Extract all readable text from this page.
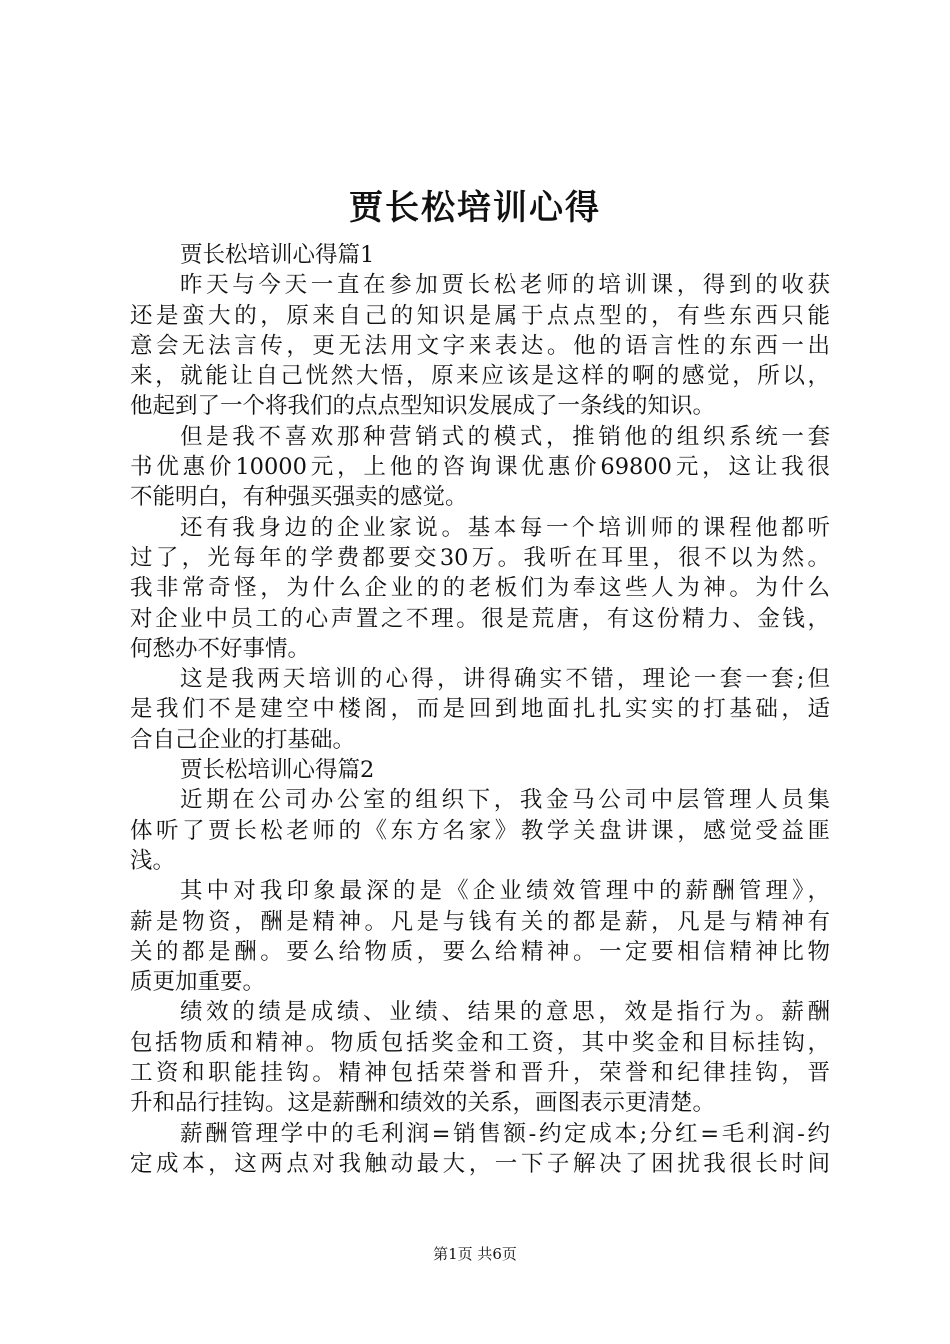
贾长松培训心得
贾长松培训心得篇1
昨天与今天一直在参加贾长松老师的培训课，得到的收获
还是蛮大的，原来自己的知识是属于点点型的，有些东西只能
意会无法言传，更无法用文字来表达。他的语言性的东西一出
来，就能让自己恍然大悟，原来应该是这样的啊的感觉，所以，
他起到了一个将我们的点点型知识发展成了一条线的知识。
但是我不喜欢那种营销式的模式，推销他的组织系统一套
书优惠价10000元，上他的咨询课优惠价69800元，这让我很
不能明白，有种强买强卖的感觉。
还有我身边的企业家说。基本每一个培训师的课程他都听
过了，光每年的学费都要交30万。我听在耳里，很不以为然。
我非常奇怪，为什么企业的的老板们为奉这些人为神。为什么
对企业中员工的心声置之不理。很是荒唐，有这份精力、金钱，
何愁办不好事情。
这是我两天培训的心得，讲得确实不错，理论一套一套;但
是我们不是建空中楼阁，而是回到地面扎扎实实的打基础，适
合自己企业的打基础。
贾长松培训心得篇2
近期在公司办公室的组织下，我金马公司中层管理人员集
体听了贾长松老师的《东方名家》教学关盘讲课，感觉受益匪
浅。
其中对我印象最深的是《企业绩效管理中的薪酬管理》，
薪是物资，酬是精神。凡是与钱有关的都是薪，凡是与精神有
关的都是酬。要么给物质，要么给精神。一定要相信精神比物
质更加重要。
绩效的绩是成绩、业绩、结果的意思，效是指行为。薪酬
包括物质和精神。物质包括奖金和工资，其中奖金和目标挂钩，
工资和职能挂钩。精神包括荣誉和晋升，荣誉和纪律挂钩，晋
升和品行挂钩。这是薪酬和绩效的关系，画图表示更清楚。
薪酬管理学中的毛利润=销售额-约定成本;分红=毛利润-约
定成本，这两点对我触动最大，一下子解决了困扰我很长时间
第1页 共6页
